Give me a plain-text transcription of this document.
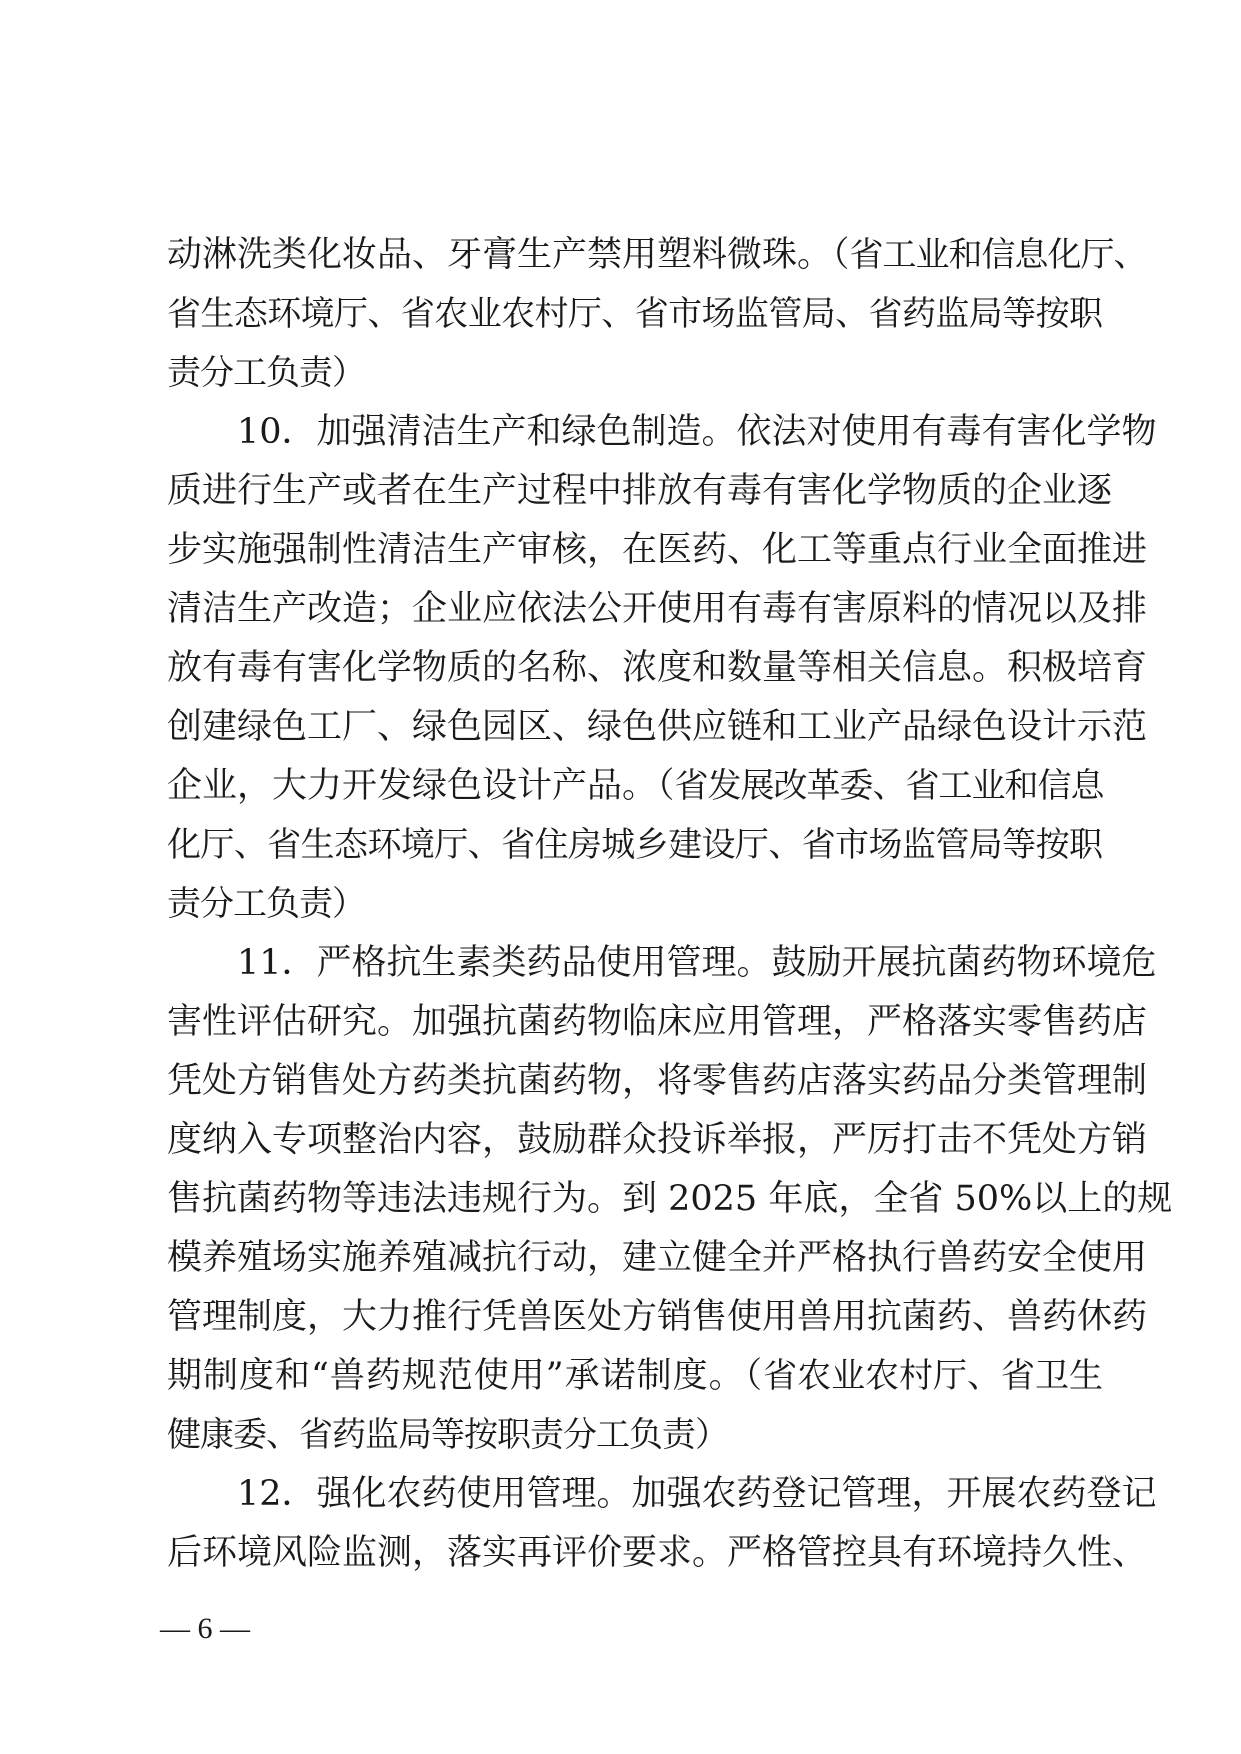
动淋洗类化妆品、牙膏生产禁用塑料微珠。（省工业和信息化厅、
省生态环境厅、省农业农村厅、省市场监管局、省药监局等按职
责分工负责）
10．加强清洁生产和绿色制造。依法对使用有毒有害化学物
质进行生产或者在生产过程中排放有毒有害化学物质的企业逐
步实施强制性清洁生产审核，在医药、化工等重点行业全面推进
清洁生产改造；企业应依法公开使用有毒有害原料的情况以及排
放有毒有害化学物质的名称、浓度和数量等相关信息。积极培育
创建绿色工厂、绿色园区、绿色供应链和工业产品绿色设计示范
企业，大力开发绿色设计产品。（省发展改革委、省工业和信息
化厅、省生态环境厅、省住房城乡建设厅、省市场监管局等按职
责分工负责）
11．严格抗生素类药品使用管理。鼓励开展抗菌药物环境危
害性评估研究。加强抗菌药物临床应用管理，严格落实零售药店
凭处方销售处方药类抗菌药物，将零售药店落实药品分类管理制
度纳入专项整治内容，鼓励群众投诉举报，严厉打击不凭处方销
售抗菌药物等违法违规行为。到 2025 年底，全省 50%以上的规
模养殖场实施养殖减抗行动，建立健全并严格执行兽药安全使用
管理制度，大力推行凭兽医处方销售使用兽用抗菌药、兽药休药
期制度和“兽药规范使用”承诺制度。（省农业农村厅、省卫生
健康委、省药监局等按职责分工负责）
12．强化农药使用管理。加强农药登记管理，开展农药登记
后环境风险监测，落实再评价要求。严格管控具有环境持久性、
— 6 —
